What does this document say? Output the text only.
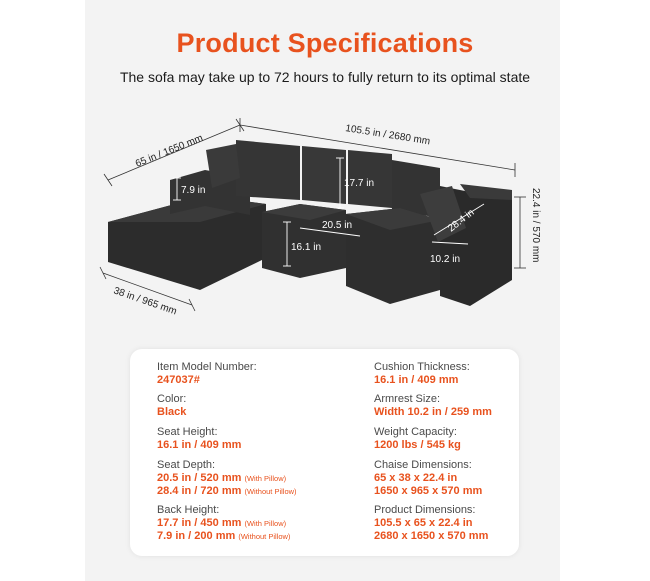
Product Specifications
The sofa may take up to 72 hours to fully return to its optimal state
65 in / 1650 mm	105.5 in / 2680 mm
22.4 in / 570 mm
38 in / 965 mm
7.9 in
17.7 in
20.5 in
16.1 in
28.4 in
10.2 in
Item Model Number:
247037#
Color:
Black
Seat Height:
16.1 in / 409 mm
Seat Depth:
20.5 in / 520 mm (With Pillow)
28.4 in / 720 mm (Without Pillow)
Back Height:
17.7 in / 450 mm (With Pillow)
7.9 in / 200 mm (Without Pillow)
Cushion Thickness:
16.1 in / 409 mm
Armrest Size:
Width 10.2 in / 259 mm
Weight Capacity:
1200 lbs / 545 kg
Chaise Dimensions:
65 x 38 x 22.4 in
1650 x 965 x 570 mm
Product Dimensions:
105.5 x 65 x 22.4 in
2680 x 1650 x 570 mm
